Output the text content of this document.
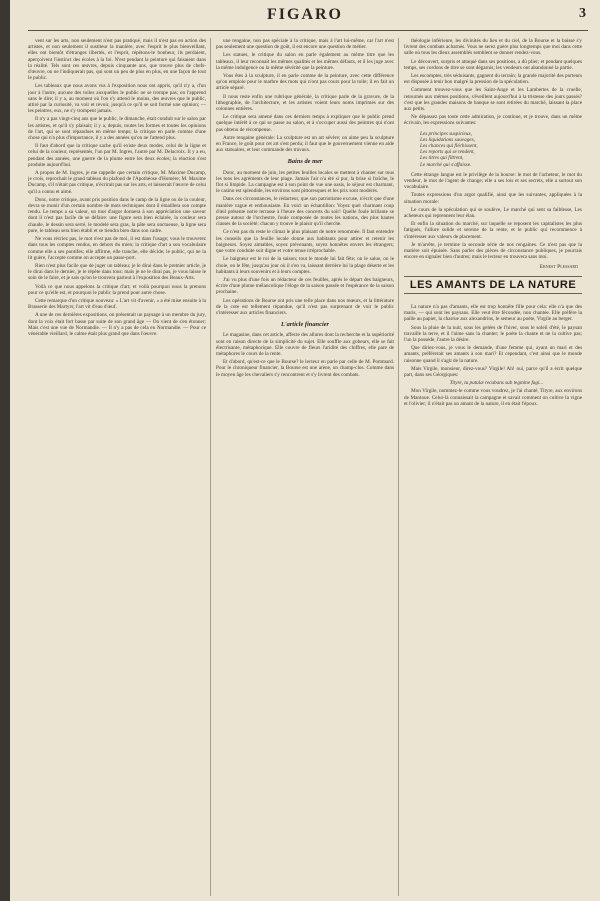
FIGARO	3

vent sur les arts, non seulement n'est pas pratiqué, mais il n'est pas en action des artistes, et non seulement il sustiteur la manière, avec l'esprit le plus bienveillant, elles ont bientôt d'étranges libertés, et l'esprit, répétons-le bonheur, ils perdaient, aperçoivent l'instinct des écoles à la foi. N'est pendant la peinture qui faisaient dans la réalité. Tels sont ces œuvres, depuis cinquante ans, que trouve plus de chefs-d'œuvre, on ne l'indiquerait pas, qui sont un peu de plus en plus, en une façon de tout le public.

Les tableaux que nous avons vus à l'exposition nous ont appris, qu'il n'y a, d'un jour à l'autre, aucune des toiles auxquelles le public ne se trompe pas; on l'apprend sans le dire; il y a, au moment où l'on s'y attend le moins, des œuvres que le public, attiré par la curiosité, va voir et revoir, jusqu'à ce qu'il se soit formé une opinion; — les peintres, eux, ne s'y trompent jamais.

Il n'y a pas vingt-cinq ans que le public, le dimanche, était conduit sur le salon par les artistes, et qu'il s'y plaisait; il y a, depuis, toutes les formes et toutes les opinions de l'art, qui se sont répandues en même temps; la critique en parle comme d'une chose qui n'a plus d'importance, il y a des années qu'on ne l'attend plus.

Il faut d'abord que la critique sache qu'il existe deux modes, celui de la ligne et celui de la couleur, représentés, l'un par M. Ingres, l'autre par M. Delacroix. Il y a eu, pendant des années, une guerre de la plume entre les deux écoles; la réaction s'est produite aujourd'hui.

A propos de M. Ingres, je me rappelle que certain critique, M. Maxime Ducamp, je crois, reprochait le grand tableau du plafond de l'Apothéose d'Homère; M. Maxime Ducamp, s'il n'était pas critique, n'écrirait pas sur les arts, et laisserait l'œuvre de celui qu'il a connu et aimé.

Donc, notre critique, avant pris position dans le camp de la ligne ou de la couleur, devra se munir d'un certain nombre de mots techniques dont il émaillera son compte rendu. Le temps a sa valeur, un mot d'argot donnera à son appréciation une saveur dont il n'est pas facile de se défaire: une figure sera bien éclairée, la couleur sera chaude, le dessin sera serré, le modelé sera gras, la pâte sera onctueuse, la ligne sera pure, le tableau sera bien établi et se tiendra bien dans son cadre.

Ne vous récriez pas, le mot n'est pas de moi, il est dans l'usage; vous le trouverez dans tous les comptes rendus, en dehors du mien; la critique d'art a son vocabulaire comme elle a ses pontifes; elle affirme, elle tranche, elle décide; le public, qui ne la lit guère, l'accepte comme on accepte un passe-port.

Rien n'est plus facile que de juger un tableau; je le dirai dans le premier article, je le dirai dans le dernier, je le répète dans tous: mais je ne le dirai pas, je vous laisse le soin de le faire, et je sais qu'on le trouvera partout à l'exposition des Beaux-Arts.

Voilà ce que nous appelons la critique d'art; et voilà pourquoi nous la prenons pour ce qu'elle est, et pourquoi le public la prend pour autre chose.

Cette remarque d'un critique nouveau: « L'art vit d'avenir, » a été mise ensuite à la Brasserie des Martyrs; l'art vit d'eau d'œuf.

A une de ces dernières expositions, on présentait un paysage à un membre du jury, dont la voix était fort basse par suite de son grand âge — On vient de s'en étonner; Mais c'est une vue de Normandie. — Il n'y a pas de cela en Normandie. — Pour ce vénérable vieillard, le calme était plus grand que dans l'œuvre.

une rengaine, non pas spéciale à la critique, mais à l'art lui-même, car l'art n'est pas seulement une question de goût, il est encore une question de métier.

Les statues, le critique du salon en parle également au même titre que les tableaux, il leur reconnaît les mêmes qualités et les mêmes défauts, et il les juge avec la même indulgence ou la même sévérité que la peinture.

Vous êtes à la sculpture, il en parle comme de la peinture, avec cette différence qu'on emploie pour le marbre des mots qui n'ont pas cours pour la toile; il en fait un article séparé.

Il nous reste enfin une rubrique générale, la critique parle de la gravure, de la lithographie, de l'architecture, et les artistes voient leurs noms imprimés sur des colonnes entières.

Le critique sera amené dans ces derniers temps à expliquer que le public prend quelque intérêt à ce qui se passe au salon, et à s'occuper aussi des peintres qui n'ont pas obtenu de récompense.

Autre rengaine générale: La sculpture est un art sévère; on aime peu la sculpture en France, le goût pour cet art s'est perdu; il faut que le gouvernement vienne en aide aux statuaires, et leur commande des travaux.

Bains de mer

Donc, au moment de juin, les petites feuilles locales se mettent à chanter sur tous les tons les agréments de leur plage. Jamais l'air n'a été si pur, la brise si fraîche, le flot si limpide. La campagne est à son point de vue une oasis, le séjour est charmant, le casino est splendide, les environs sont pittoresques et les prix sont modérés.

Dans ces circonstances, le rédacteur, que son patriotisme excuse, n'écrit que d'une manière vague et enthousiaste. En voici un échantillon: Voyez quel charmant coup d'œil présente notre terrasse à l'heure des concerts du soir! Quelle foule brillante se presse autour de l'orchestre, foule composée de toutes les nations, des plus hautes classes de la société; chacun y trouve le plaisir qu'il cherche.

Ce n'est pas du reste le climat le plus plaisant de notre renommée. Il faut entendre les conseils que la feuille locale donne aux habitants pour attirer et retenir les baigneurs. Soyez aimables, soyez prévenants, soyez honnêtes envers les étrangers; que votre conduite soit digne et votre tenue irréprochable.

Le baigneur est le roi de la saison; tout le monde lui fait fête; on le salue, on le choie, on le fête, jusqu'au jour où il s'en va, laissant derrière lui la plage déserte et les habitants à leurs souvenirs et à leurs comptes.

J'ai vu plus d'une fois un rédacteur de ces feuilles, après le départ des baigneurs, écrire d'une plume mélancolique l'éloge de la saison passée et l'espérance de la saison prochaine.

Les opérations de Bourse ont pris une telle place dans nos mœurs, et la littérature de la cote est tellement répandue, qu'il n'est pas surprenant de voir le public s'intéresser aux articles financiers.

L'article financier

Le magasine, dans cet article, affecte des allures dont la recherche et la supériorité sont en raison directe de la simplicité du sujet. Elle souffle aux gobeurs, elle se fait électrisante, métaphorique. Elle couvre de fleurs l'aridité des chiffres, elle pare de métaphores le cours de la rente.

Et d'abord, qu'est-ce que le Bourse? le lecteur en parle par celle de M. Pommard. Pour le chroniqueur financier, la Bourse est une arène, un champ-clos. Comme dans le moyen âge les chevaliers s'y rencontrent et s'y livrent des combats.

théologie inférieure, les divinités du lieu et du ciel, de la Bourse et la baisse s'y livrent des combats acharnés. Vous ne serez guère plus longtemps que moi dans cette salle où tous les dieux assemblés semblent se donner rendez-vous.

Le découvert, surpris et attaqué dans ses positions, a dû plier; et pendant quelques temps, ses cordons de titre se sont dégarnis; les vendeurs ont abandonné la partie.

Les escomptes, très séduisants, gagnent du terrain; la grande majorité des porteurs est disposée à tenir bon malgré la pression de la spéculation.

Comment trouvez-vous que les Saint-Ange et les Lambertes de la cruelle, retournés aux mêmes positions, s'éveillent aujourd'hui à la tristesse des jours passés? c'est que les grandes maisons de banque se sont retirées du marché, laissant la place aux petits.

Ne dépassez pas toute cette admiration, je continue, et je trouve, dans un même écrivain, les expressions suivantes:

Les principes suspicieux,
Les liquidations sauvages,
Les chances qui fléchissent,
Les reports qui se tendent,
Les titres qui filtrent,
Le marché qui s'affaisse.

Cette étrange langue est le privilège de la bourse: le mot de l'acheteur, le mot du vendeur, le mot de l'agent de change; elle a ses lois et ses secrets, elle a surtout son vocabulaire.

Toutes expressions d'un argot qualifié, ainsi que les suivantes, appliquées à la situation morale:

Le cours de la spéculation qui se soulève, Le marché qui sent sa faiblesse, Les acheteurs qui reprennent leur élan.

Et enfin la situation du marché, sur laquelle se reposent les capitalistes les plus fatigués, l'allure solide et sereine de la rente, et le public qui recommence à s'intéresser aux valeurs de placement.

Je m'arrête, je termine la seconde série de nos rengaines. Ce n'est pas que la matière soit épuisée. Sans parler des pièces de circonstance publiques, je pourrais encore en signaler bien d'autres; mais le lecteur en trouvera sans moi.

Ernest Plessard
LES AMANTS DE LA NATURE

La nature n'a pas d'amants, elle est trop honnête fille pour cela: elle n'a que des maris, — qui sont les paysans. Elle veut être fécondée, non chantée. Elle préfère la paille au papier, la charrue aux alexandrins, le semeur au poète, Virgile au berger.

Sous la pluie de la nuit, sous les gelées de l'hiver, sous le soleil d'été, le paysan travaille la terre, et il l'aime sans la chanter; le poète la chante et ne la cultive pas; l'un la possède, l'autre la désire.

Que diriez-vous, je vous le demande, d'une femme qui, ayant un mari et des amants, préférerait ses amants à son mari? Et cependant, c'est ainsi que le monde raisonne quand il s'agit de la nature.

Mais Virgile, monsieur, direz-vous? Virgile! Ah! oui, parce qu'il a écrit quelque part, dans ses Géorgiques:

Tityre, tu patulæ recubans sub tegmine fagi...

Mon Virgile, nommez-le comme vous voudrez, je l'ai chanté, Tityre, aux environs de Mantoue. Celui-là connaissait la campagne et savait comment on cultive la vigne et l'olivier; il n'était pas un amant de la nature, il en était l'époux.
